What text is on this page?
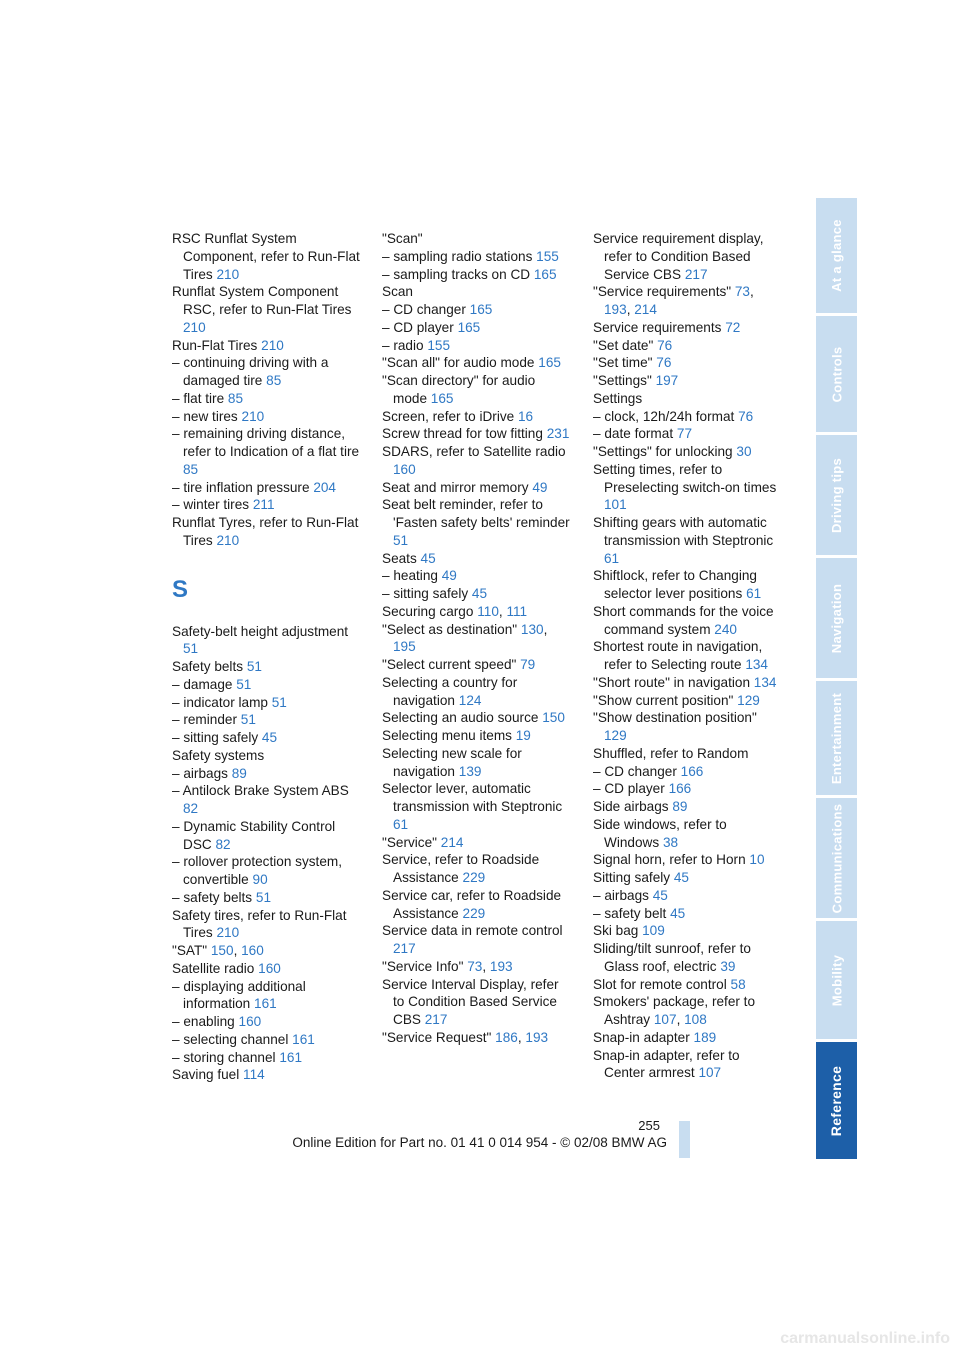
RSC Runflat System Component, refer to Run-Flat Tires 210
Runflat System Component RSC, refer to Run-Flat Tires 210
Run-Flat Tires 210
– continuing driving with a damaged tire 85
– flat tire 85
– new tires 210
– remaining driving distance, refer to Indication of a flat tire 85
– tire inflation pressure 204
– winter tires 211
Runflat Tyres, refer to Run-Flat Tires 210
S
Safety-belt height adjustment 51
Safety belts 51
– damage 51
– indicator lamp 51
– reminder 51
– sitting safely 45
Safety systems
– airbags 89
– Antilock Brake System ABS 82
– Dynamic Stability Control DSC 82
– rollover protection system, convertible 90
– safety belts 51
Safety tires, refer to Run-Flat Tires 210
"SAT" 150, 160
Satellite radio 160
– displaying additional information 161
– enabling 160
– selecting channel 161
– storing channel 161
Saving fuel 114
"Scan"
– sampling radio stations 155
– sampling tracks on CD 165
Scan
– CD changer 165
– CD player 165
– radio 155
"Scan all" for audio mode 165
"Scan directory" for audio mode 165
Screen, refer to iDrive 16
Screw thread for tow fitting 231
SDARS, refer to Satellite radio 160
Seat and mirror memory 49
Seat belt reminder, refer to 'Fasten safety belts' reminder 51
Seats 45
– heating 49
– sitting safely 45
Securing cargo 110, 111
"Select as destination" 130, 195
"Select current speed" 79
Selecting a country for navigation 124
Selecting an audio source 150
Selecting menu items 19
Selecting new scale for navigation 139
Selector lever, automatic transmission with Steptronic 61
"Service" 214
Service, refer to Roadside Assistance 229
Service car, refer to Roadside Assistance 229
Service data in remote control 217
"Service Info" 73, 193
Service Interval Display, refer to Condition Based Service CBS 217
"Service Request" 186, 193
Service requirement display, refer to Condition Based Service CBS 217
"Service requirements" 73, 193, 214
Service requirements 72
"Set date" 76
"Set time" 76
"Settings" 197
Settings
– clock, 12h/24h format 76
– date format 77
"Settings" for unlocking 30
Setting times, refer to Preselecting switch-on times 101
Shifting gears with automatic transmission with Steptronic 61
Shiftlock, refer to Changing selector lever positions 61
Short commands for the voice command system 240
Shortest route in navigation, refer to Selecting route 134
"Short route" in navigation 134
"Show current position" 129
"Show destination position" 129
Shuffled, refer to Random
– CD changer 166
– CD player 166
Side airbags 89
Side windows, refer to Windows 38
Signal horn, refer to Horn 10
Sitting safely 45
– airbags 45
– safety belt 45
Ski bag 109
Sliding/tilt sunroof, refer to Glass roof, electric 39
Slot for remote control 58
Smokers' package, refer to Ashtray 107, 108
Snap-in adapter 189
Snap-in adapter, refer to Center armrest 107
At a glance
Controls
Driving tips
Navigation
Entertainment
Communications
Mobility
Reference
255
Online Edition for Part no. 01 41 0 014 954 - © 02/08 BMW AG
carmanualsonline.info
